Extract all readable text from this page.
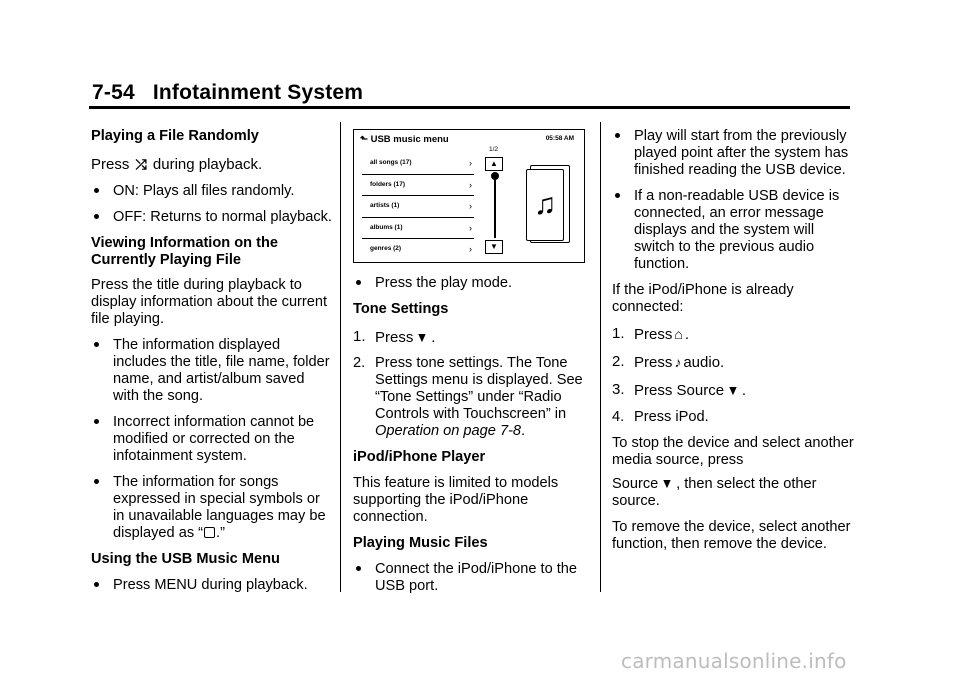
7-54 Infotainment System

Playing a File Randomly

Press ⤮ during playback.

ON: Plays all files randomly.

OFF: Returns to normal playback.

Viewing Information on the Currently Playing File

Press the title during playback to display information about the current file playing.

The information displayed includes the title, file name, folder name, and artist/album saved with the song.

Incorrect information cannot be modified or corrected on the infotainment system.

The information for songs expressed in special symbols or in unavailable languages may be displayed as “ .”

Using the USB Music Menu

Press MENU during playback.

⬑ USB music menu	05:58 AM
1/2
all songs (17)	›
folders (17)	›
artists (1)	›
albums (1)	›
genres (2)	›
▲
▼
♫

Press the play mode.

Tone Settings

1. Press ▼ .
2. Press tone settings. The Tone Settings menu is displayed. See “Tone Settings” under “Radio Controls with Touchscreen” in Operation on page 7-8.

iPod/iPhone Player

This feature is limited to models supporting the iPod/iPhone connection.

Playing Music Files

Connect the iPod/iPhone to the USB port.

Play will start from the previously played point after the system has finished reading the USB device.

If a non-readable USB device is connected, an error message displays and the system will switch to the previous audio function.

If the iPod/iPhone is already connected:

1. Press ⌂ .
2. Press ♪ audio.
3. Press Source ▼ .
4. Press iPod.

To stop the device and select another media source, press
Source ▼ , then select the other source.

To remove the device, select another function, then remove the device.

carmanualsonline.info
